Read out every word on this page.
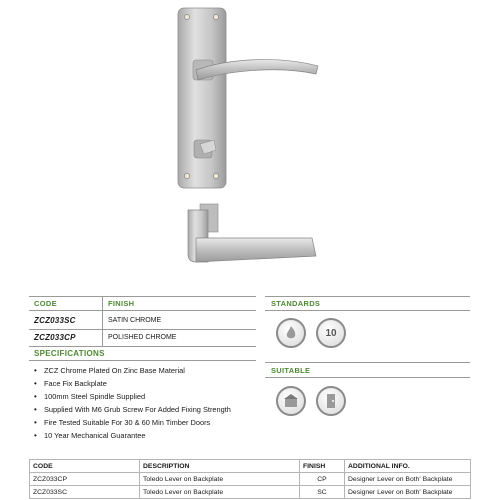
CODE	FINISH
ZCZ033SC	SATIN CHROME
ZCZ033CP	POLISHED CHROME
SPECIFICATIONS
• ZCZ Chrome Plated On Zinc Base Material
• Face Fix Backplate
• 100mm Steel Spindle Supplied
• Supplied With M6 Grub Screw For Added Fixing Strength
• Fire Tested Suitable For 30 & 60 Min Timber Doors
• 10 Year Mechanical Guarantee
STANDARDS
10
SUITABLE
CODE	DESCRIPTION	FINISH	ADDITIONAL INFO.
ZCZ033CP	Toledo Lever on Backplate	CP	Designer Lever on Both' Backplate
ZCZ033SC	Toledo Lever on Backplate	SC	Designer Lever on Both' Backplate
